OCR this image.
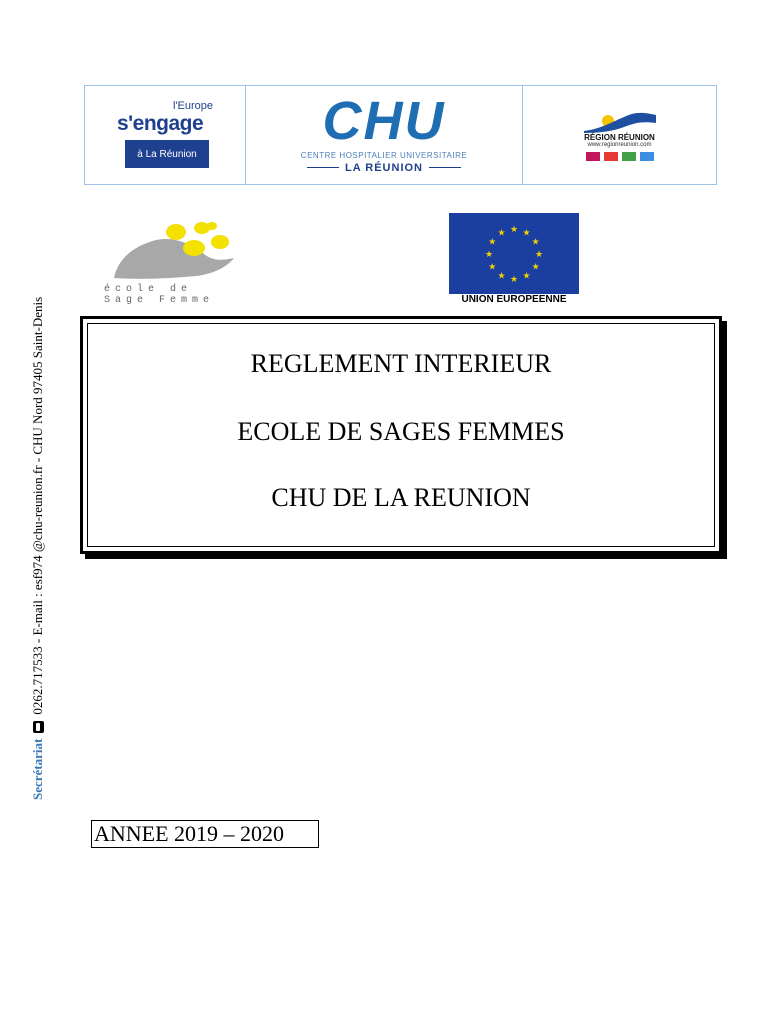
Secrétariat
0262.717533 - E-mail : esf974 @chu-reunion.fr - CHU Nord 97405 Saint-Denis
l'Europe
s'engage
à La Réunion
CHU
CENTRE HOSPITALIER UNIVERSITAIRE
LA RÉUNION
RÉGION RÉUNION
www.regionreunion.com
école de
Sage Femme
★ ★
★
★
★
★
★
★
★
★
★
★
UNION EUROPEENNE
REGLEMENT INTERIEUR
ECOLE DE SAGES FEMMES
CHU DE LA REUNION
ANNEE 2019 – 2020
